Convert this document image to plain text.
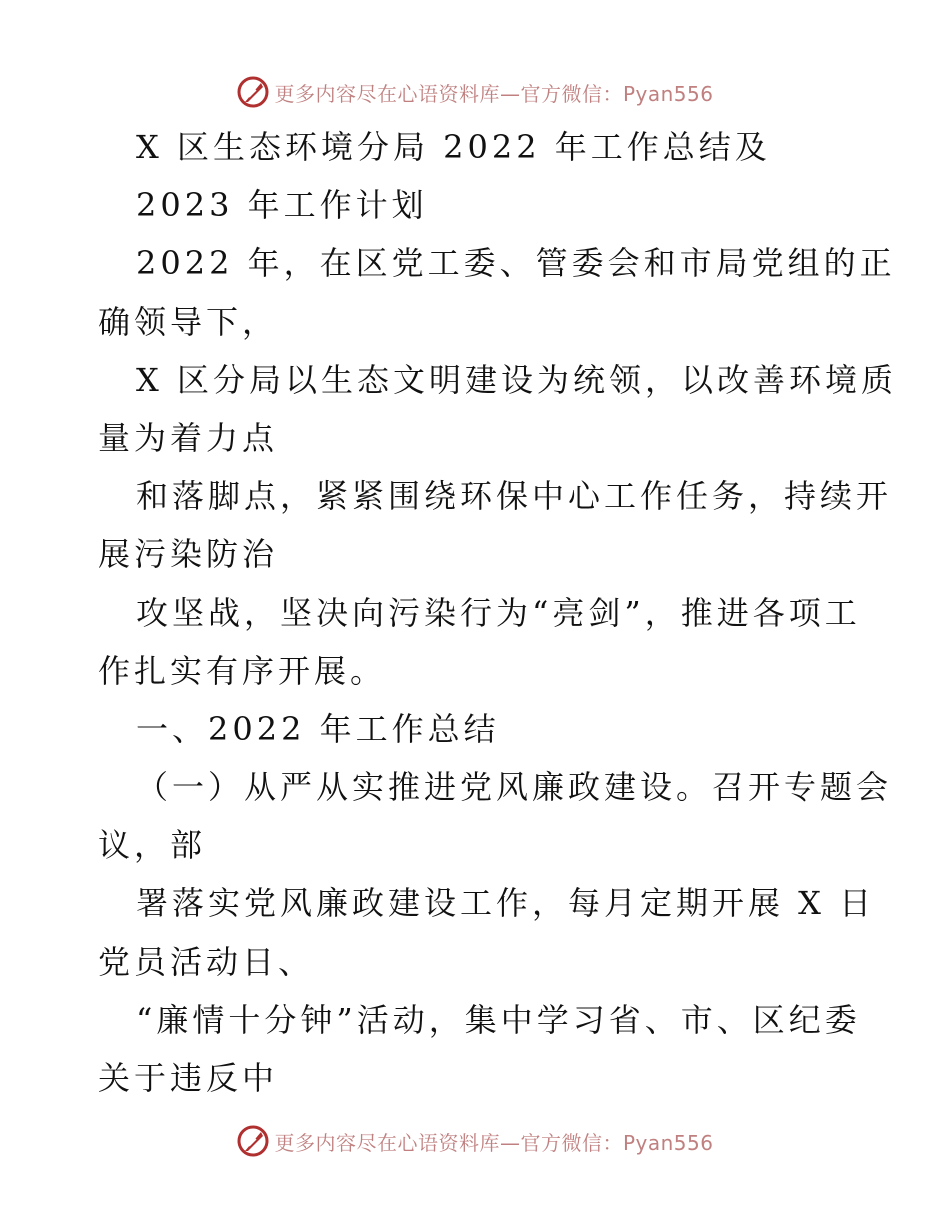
更多内容尽在心语资料库—官方微信：Pyan556
X 区生态环境分局 2022 年工作总结及
2023 年工作计划
2022 年，在区党工委、管委会和市局党组的正
确领导下，
X 区分局以生态文明建设为统领，以改善环境质
量为着力点
和落脚点，紧紧围绕环保中心工作任务，持续开
展污染防治
攻坚战，坚决向污染行为“亮剑”，推进各项工
作扎实有序开展。
一、2022 年工作总结
（一）从严从实推进党风廉政建设。召开专题会
议，部
署落实党风廉政建设工作，每月定期开展 X 日
党员活动日、
“廉情十分钟”活动，集中学习省、市、区纪委
关于违反中
更多内容尽在心语资料库—官方微信：Pyan556
